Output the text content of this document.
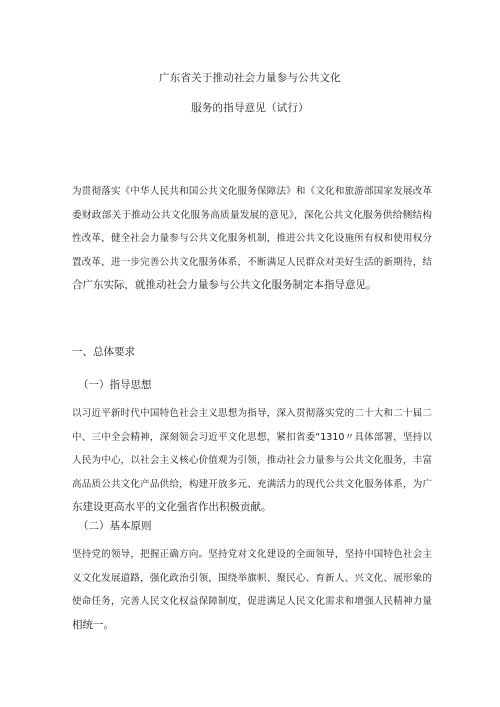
广东省关于推动社会力量参与公共文化
服务的指导意见（试行）
为贯彻落实《中华人民共和国公共文化服务保障法》和《文化和旅游部国家发展改革
委财政部关于推动公共文化服务高质量发展的意见》，深化公共文化服务供给侧结构
性改革，健全社会力量参与公共文化服务机制，推进公共文化设施所有权和使用权分
置改革，进一步完善公共文化服务体系，不断满足人民群众对美好生活的新期待，结
合广东实际，就推动社会力量参与公共文化服务制定本指导意见。
一、总体要求
（一）指导思想
以习近平新时代中国特色社会主义思想为指导，深入贯彻落实党的二十大和二十届二
中、三中全会精神，深刻领会习近平文化思想，紧扣省委“1310〃具体部署，坚持以
人民为中心，以社会主义核心价值观为引领，推动社会力量参与公共文化服务，丰富
高品质公共文化产品供给，构建开放多元、充满活力的现代公共文化服务体系，为广
东建设更高水平的文化强省作出积极贡献。
（二）基本原则
坚持党的领导，把握正确方向。坚持党对文化建设的全面领导，坚持中国特色社会主
义文化发展道路，强化政治引领，围绕举旗帜、聚民心、育新人、兴文化、展形象的
使命任务，完善人民文化权益保障制度，促进满足人民文化需求和增强人民精神力量
相统一。
